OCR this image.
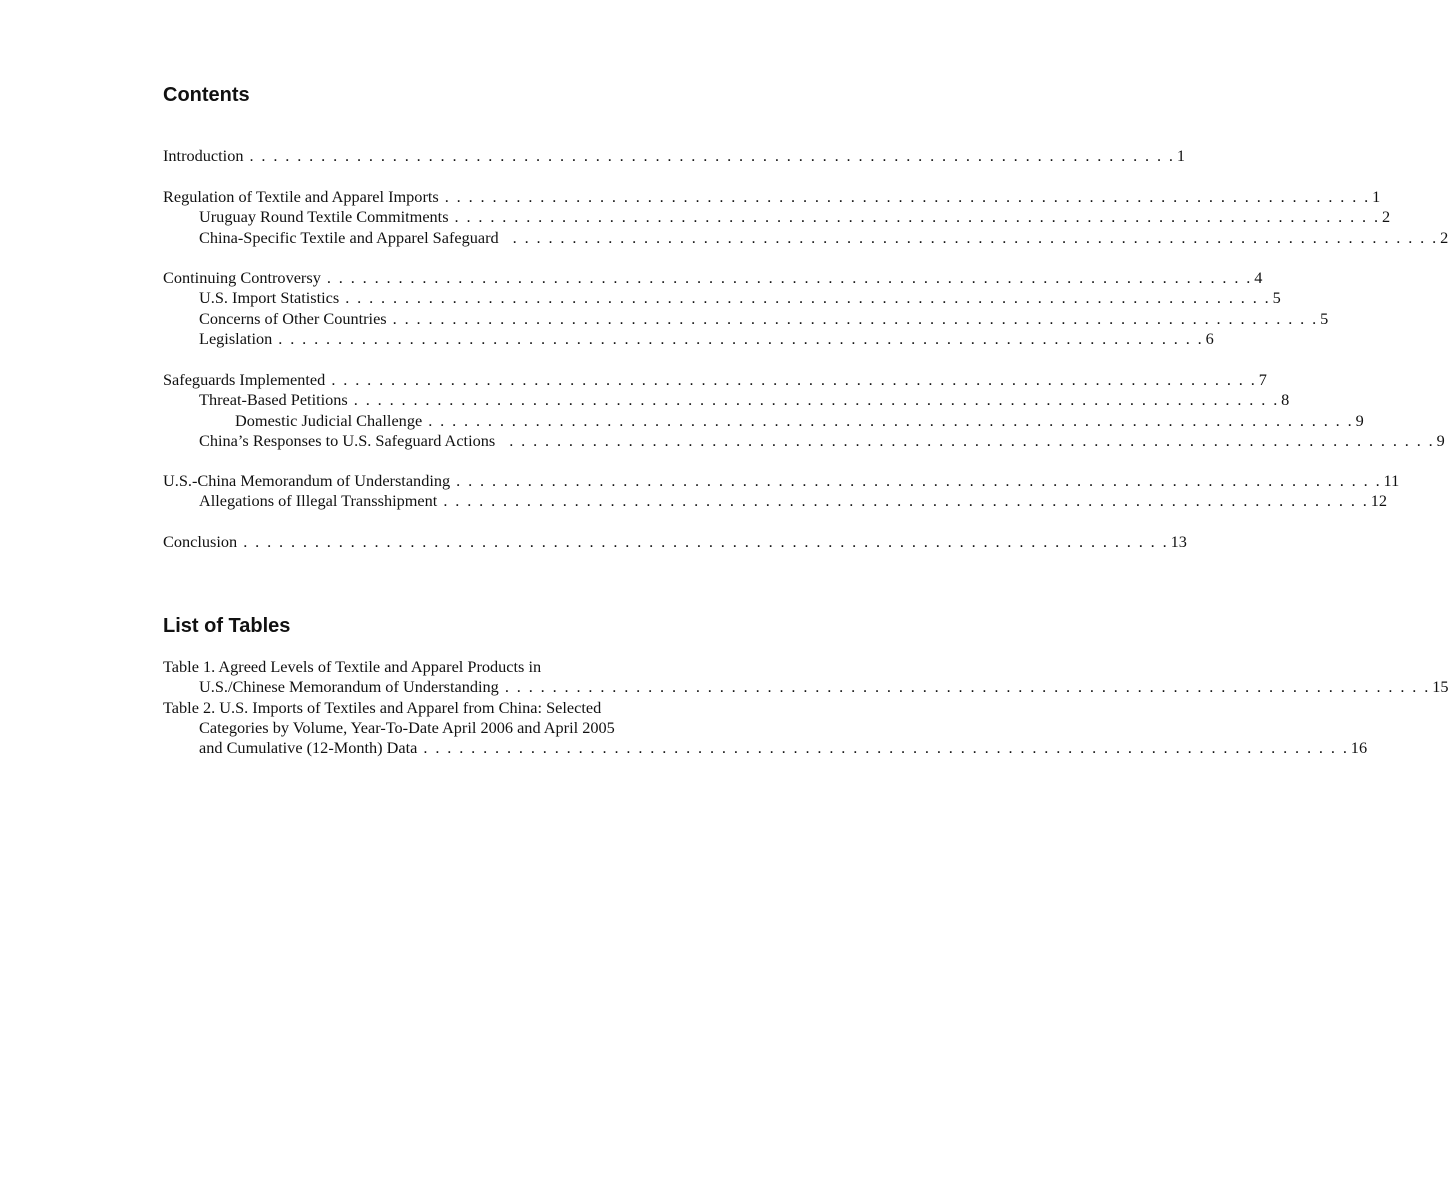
Contents
Introduction . . . . . . . . . . . . . . . . . . . . . . . . . . . . . . . . . . . . . . . . . . . . . . . . . . . . . . . . . . . . . . . . . . . . . . . . . . . . . . 1
Regulation of Textile and Apparel Imports . . . . . . . . . . . . . . . . . . . . . . . . . . . . . . . . . . . . . . . . . . . . . . . . . . . . . . . . . . . . . . . . . . . . . . . . . . . . . . 1
Uruguay Round Textile Commitments . . . . . . . . . . . . . . . . . . . . . . . . . . . . . . . . . . . . . . . . . . . . . . . . . . . . . . . . . . . . . . . . . . . . . . . . . . . . . . 2
China-Specific Textile and Apparel Safeguard . . . . . . . . . . . . . . . . . . . . . . . . . . . . . . . . . . . . . . . . . . . . . . . . . . . . . . . . . . . . . . . . . . . . . . . . . . . . . . 2
Continuing Controversy . . . . . . . . . . . . . . . . . . . . . . . . . . . . . . . . . . . . . . . . . . . . . . . . . . . . . . . . . . . . . . . . . . . . . . . . . . . . . . 4
U.S. Import Statistics . . . . . . . . . . . . . . . . . . . . . . . . . . . . . . . . . . . . . . . . . . . . . . . . . . . . . . . . . . . . . . . . . . . . . . . . . . . . . . 5
Concerns of Other Countries . . . . . . . . . . . . . . . . . . . . . . . . . . . . . . . . . . . . . . . . . . . . . . . . . . . . . . . . . . . . . . . . . . . . . . . . . . . . . . 5
Legislation . . . . . . . . . . . . . . . . . . . . . . . . . . . . . . . . . . . . . . . . . . . . . . . . . . . . . . . . . . . . . . . . . . . . . . . . . . . . . . 6
Safeguards Implemented . . . . . . . . . . . . . . . . . . . . . . . . . . . . . . . . . . . . . . . . . . . . . . . . . . . . . . . . . . . . . . . . . . . . . . . . . . . . . . 7
Threat-Based Petitions . . . . . . . . . . . . . . . . . . . . . . . . . . . . . . . . . . . . . . . . . . . . . . . . . . . . . . . . . . . . . . . . . . . . . . . . . . . . . . 8
Domestic Judicial Challenge . . . . . . . . . . . . . . . . . . . . . . . . . . . . . . . . . . . . . . . . . . . . . . . . . . . . . . . . . . . . . . . . . . . . . . . . . . . . . . 9
China’s Responses to U.S. Safeguard Actions . . . . . . . . . . . . . . . . . . . . . . . . . . . . . . . . . . . . . . . . . . . . . . . . . . . . . . . . . . . . . . . . . . . . . . . . . . . . . . 9
U.S.-China Memorandum of Understanding . . . . . . . . . . . . . . . . . . . . . . . . . . . . . . . . . . . . . . . . . . . . . . . . . . . . . . . . . . . . . . . . . . . . . . . . . . . . . . 11
Allegations of Illegal Transshipment . . . . . . . . . . . . . . . . . . . . . . . . . . . . . . . . . . . . . . . . . . . . . . . . . . . . . . . . . . . . . . . . . . . . . . . . . . . . . . 12
Conclusion . . . . . . . . . . . . . . . . . . . . . . . . . . . . . . . . . . . . . . . . . . . . . . . . . . . . . . . . . . . . . . . . . . . . . . . . . . . . . . 13
List of Tables
Table 1. Agreed Levels of Textile and Apparel Products in
U.S./Chinese Memorandum of Understanding . . . . . . . . . . . . . . . . . . . . . . . . . . . . . . . . . . . . . . . . . . . . . . . . . . . . . . . . . . . . . . . . . . . . . . . . . . . . . . 15
Table 2. U.S. Imports of Textiles and Apparel from China: Selected
Categories by Volume, Year-To-Date April 2006 and April 2005
and Cumulative (12-Month) Data . . . . . . . . . . . . . . . . . . . . . . . . . . . . . . . . . . . . . . . . . . . . . . . . . . . . . . . . . . . . . . . . . . . . . . . . . . . . . . 16
